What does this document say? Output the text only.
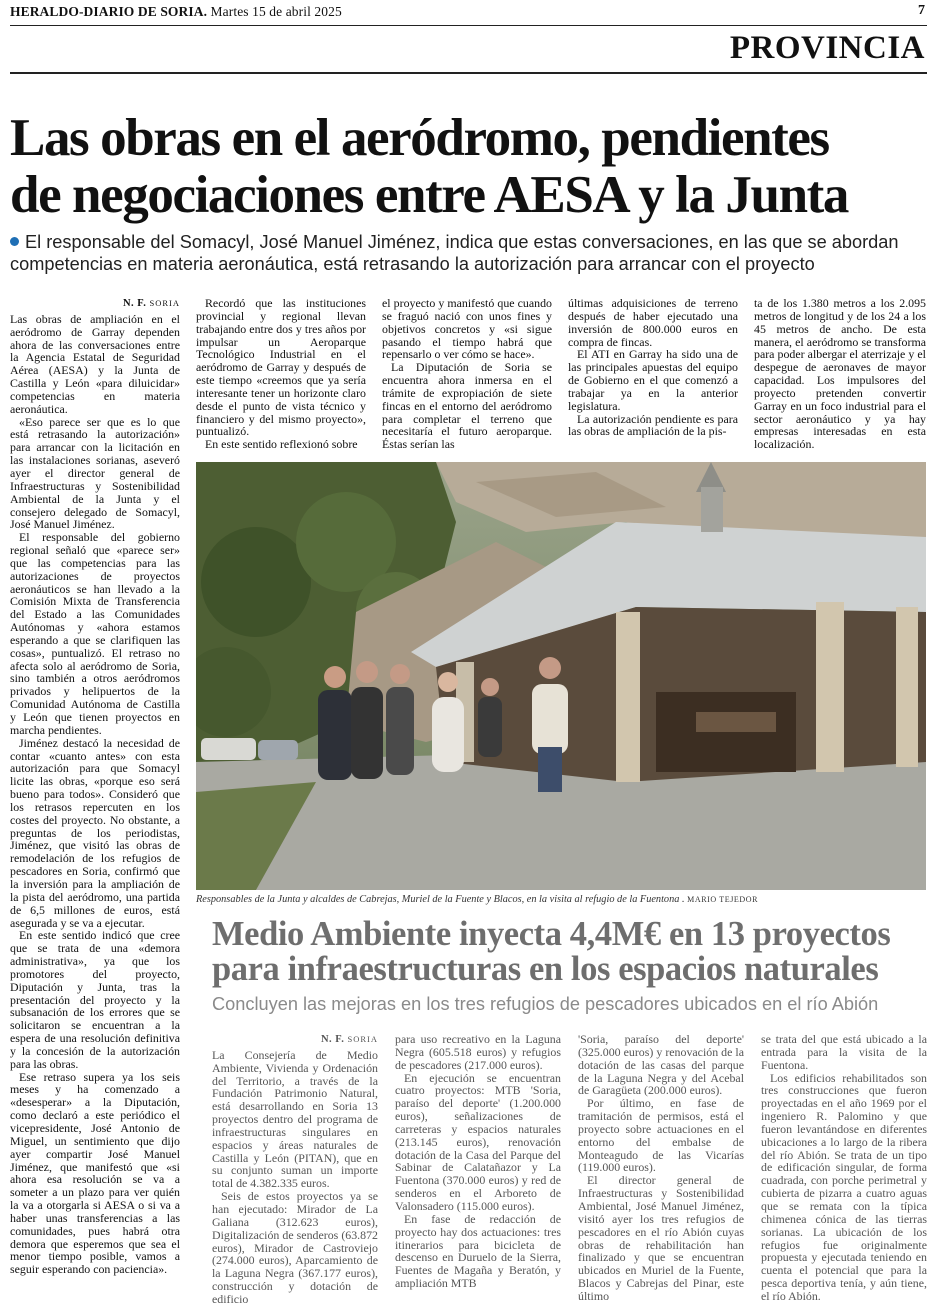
HERALDO-DIARIO DE SORIA. Martes 15 de abril 2025	7
PROVINCIA
Las obras en el aeródromo, pendientes
de negociaciones entre AESA y la Junta
El responsable del Somacyl, José Manuel Jiménez, indica que estas conversaciones, en las que se abordan competencias en materia aeronáutica, está retrasando la autorización para arrancar con el proyecto
N. F. SORIA

Las obras de ampliación en el aeródromo de Garray dependen ahora de las conversaciones entre la Agencia Estatal de Seguridad Aérea (AESA) y la Junta de Castilla y León «para diluicidar» competencias en materia aeronáutica.

«Eso parece ser que es lo que está retrasando la autorización» para arrancar con la licitación en las instalaciones sorianas, aseveró ayer el director general de Infraestructuras y Sostenibilidad Ambiental de la Junta y el consejero delegado de Somacyl, José Manuel Jiménez.

El responsable del gobierno regional señaló que «parece ser» que las competencias para las autorizaciones de proyectos aeronáuticos se han llevado a la Comisión Mixta de Transferencia del Estado a las Comunidades Autónomas y «ahora estamos esperando a que se clarifiquen las cosas», puntualizó. El retraso no afecta solo al aeródromo de Soria, sino también a otros aeródromos privados y helipuertos de la Comunidad Autónoma de Castilla y León que tienen proyectos en marcha pendientes.

Jiménez destacó la necesidad de contar «cuanto antes» con esta autorización para que Somacyl licite las obras, «porque eso será bueno para todos». Consideró que los retrasos repercuten en los costes del proyecto. No obstante, a preguntas de los periodistas, Jiménez, que visitó las obras de remodelación de los refugios de pescadores en Soria, confirmó que la inversión para la ampliación de la pista del aeródromo, una partida de 6,5 millones de euros, está asegurada y se va a ejecutar.

En este sentido indicó que cree que se trata de una «demora administrativa», ya que los promotores del proyecto, Diputación y Junta, tras la presentación del proyecto y la subsanación de los errores que se solicitaron se encuentran a la espera de una resolución definitiva y la concesión de la autorización para las obras.

Ese retraso supera ya los seis meses y ha comenzado a «desesperar» a la Diputación, como declaró a este periódico el vicepresidente, José Antonio de Miguel, un sentimiento que dijo ayer compartir José Manuel Jiménez, que manifestó que «si ahora esa resolución se va a someter a un plazo para ver quién la va a otorgarla si AESA o si va a haber unas transferencias a las comunidades, pues habrá otra demora que esperemos que sea el menor tiempo posible, vamos a seguir esperando con paciencia».

Recordó que las instituciones provincial y regional llevan trabajando entre dos y tres años por impulsar un Aeroparque Tecnológico Industrial en el aeródromo de Garray y después de este tiempo «creemos que ya sería interesante tener un horizonte claro desde el punto de vista técnico y financiero y del mismo proyecto», puntualizó.

En este sentido reflexionó sobre

el proyecto y manifestó que cuando se fraguó nació con unos fines y objetivos concretos y «si sigue pasando el tiempo habrá que repensarlo o ver cómo se hace».

La Diputación de Soria se encuentra ahora inmersa en el trámite de expropiación de siete fincas en el entorno del aeródromo para completar el terreno que necesitaría el futuro aeroparque. Éstas serían las

últimas adquisiciones de terreno después de haber ejecutado una inversión de 800.000 euros en compra de fincas.

El ATI en Garray ha sido una de las principales apuestas del equipo de Gobierno en el que comenzó a trabajar ya en la anterior legislatura.

La autorización pendiente es para las obras de ampliación de la pis-

ta de los 1.380 metros a los 2.095 metros de longitud y de los 24 a los 45 metros de ancho. De esta manera, el aeródromo se transforma para poder albergar el aterrizaje y el despegue de aeronaves de mayor capacidad. Los impulsores del proyecto pretenden convertir Garray en un foco industrial para el sector aeronáutico y ya hay empresas interesadas en esta localización.

Responsables de la Junta y alcaldes de Cabrejas, Muriel de la Fuente y Blacos, en la visita al refugio de la Fuentona . MARIO TEJEDOR
Medio Ambiente inyecta 4,4M€ en 13 proyectos
para infraestructuras en los espacios naturales
Concluyen las mejoras en los tres refugios de pescadores ubicados en el río Abión
N. F. SORIA

La Consejería de Medio Ambiente, Vivienda y Ordenación del Territorio, a través de la Fundación Patrimonio Natural, está desarrollando en Soria 13 proyectos dentro del programa de infraestructuras singulares en espacios y áreas naturales de Castilla y León (PITAN), que en su conjunto suman un importe total de 4.382.335 euros.

Seis de estos proyectos ya se han ejecutado: Mirador de La Galiana (312.623 euros), Digitalización de senderos (63.872 euros), Mirador de Castroviejo (274.000 euros), Aparcamiento de la Laguna Negra (367.177 euros), construcción y dotación de edificio

para uso recreativo en la Laguna Negra (605.518 euros) y refugios de pescadores (217.000 euros).

En ejecución se encuentran cuatro proyectos: MTB 'Soria, paraíso del deporte' (1.200.000 euros), señalizaciones de carreteras y espacios naturales (213.145 euros), renovación dotación de la Casa del Parque del Sabinar de Calatañazor y La Fuentona (370.000 euros) y red de senderos en el Arboreto de Valonsadero (115.000 euros).

En fase de redacción de proyecto hay dos actuaciones: tres itinerarios para bicicleta de descenso en Duruelo de la Sierra, Fuentes de Magaña y Beratón, y ampliación MTB

'Soria, paraíso del deporte' (325.000 euros) y renovación de la dotación de las casas del parque de la Laguna Negra y del Acebal de Garagüeta (200.000 euros).

Por último, en fase de tramitación de permisos, está el proyecto sobre actuaciones en el entorno del embalse de Monteagudo de las Vicarías (119.000 euros).

El director general de Infraestructuras y Sostenibilidad Ambiental, José Manuel Jiménez, visitó ayer los tres refugios de pescadores en el río Abión cuyas obras de rehabilitación han finalizado y que se encuentran ubicados en Muriel de la Fuente, Blacos y Cabrejas del Pinar, este último

se trata del que está ubicado a la entrada para la visita de la Fuentona.

Los edificios rehabilitados son tres construcciones que fueron proyectadas en el año 1969 por el ingeniero R. Palomino y que fueron levantándose en diferentes ubicaciones a lo largo de la ribera del río Abión. Se trata de un tipo de edificación singular, de forma cuadrada, con porche perimetral y cubierta de pizarra a cuatro aguas que se remata con la típica chimenea cónica de las tierras sorianas. La ubicación de los refugios fue originalmente propuesta y ejecutada teniendo en cuenta el potencial que para la pesca deportiva tenía, y aún tiene, el río Abión.
